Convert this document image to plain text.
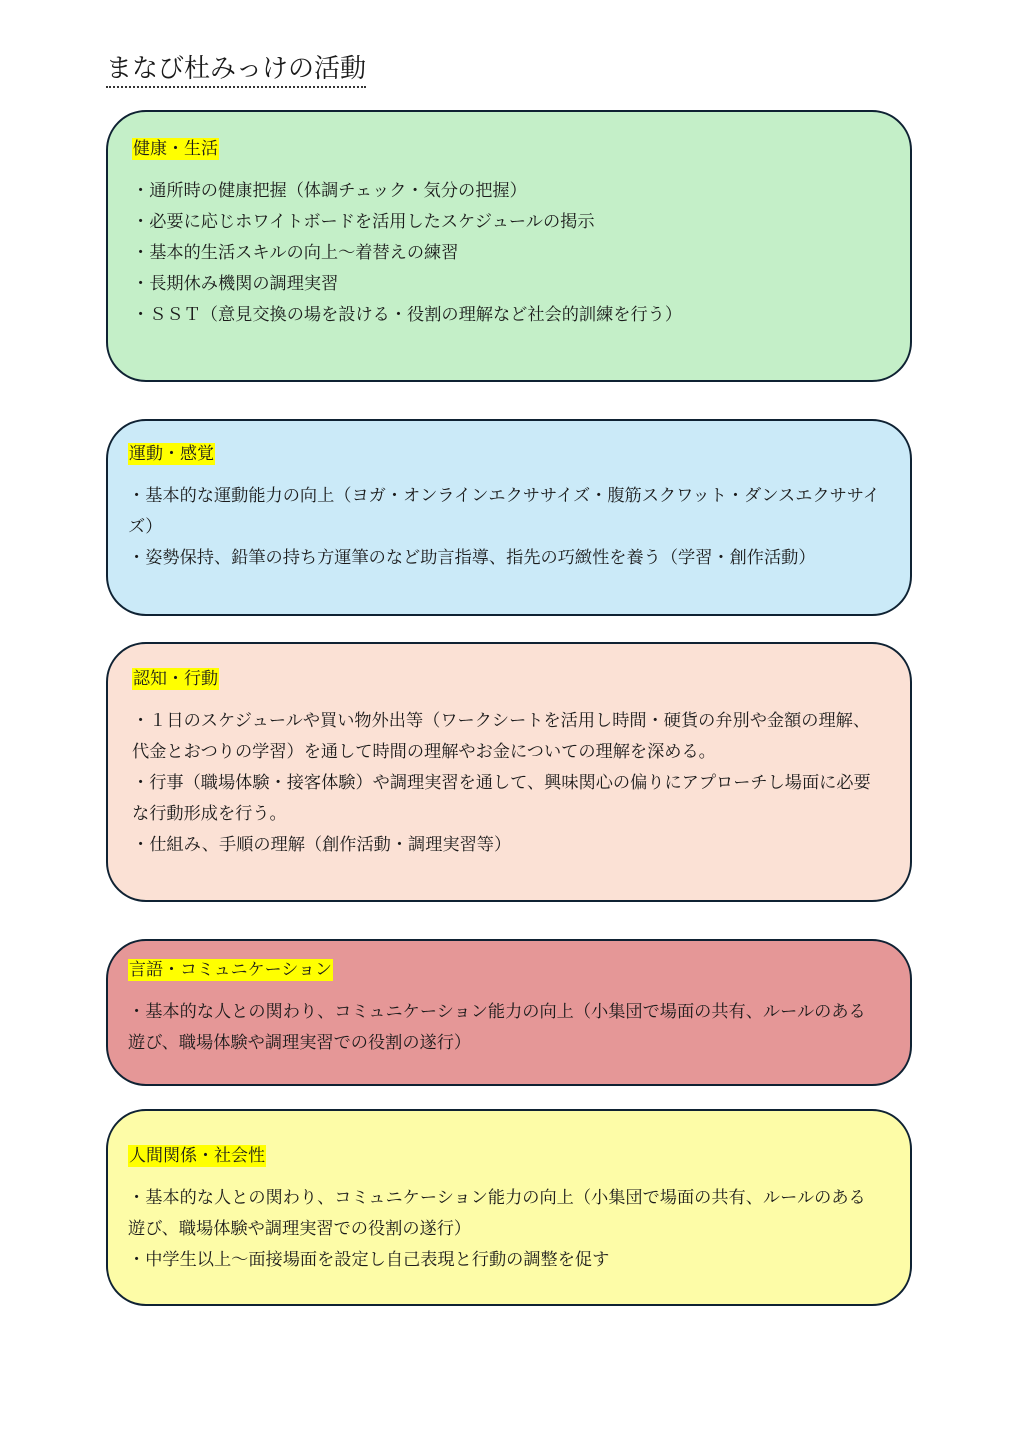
まなび杜みっけの活動
健康・生活
・通所時の健康把握（体調チェック・気分の把握）
・必要に応じホワイトボードを活用したスケジュールの掲示
・基本的生活スキルの向上～着替えの練習
・長期休み機関の調理実習
・ＳＳＴ（意見交換の場を設ける・役割の理解など社会的訓練を行う）
運動・感覚
・基本的な運動能力の向上（ヨガ・オンラインエクササイズ・腹筋スクワット・ダンスエクササイズ）
・姿勢保持、鉛筆の持ち方運筆のなど助言指導、指先の巧緻性を養う（学習・創作活動）
認知・行動
・１日のスケジュールや買い物外出等（ワークシートを活用し時間・硬貨の弁別や金額の理解、代金とおつりの学習）を通して時間の理解やお金についての理解を深める。
・行事（職場体験・接客体験）や調理実習を通して、興味関心の偏りにアプローチし場面に必要な行動形成を行う。
・仕組み、手順の理解（創作活動・調理実習等）
言語・コミュニケーション
・基本的な人との関わり、コミュニケーション能力の向上（小集団で場面の共有、ルールのある遊び、職場体験や調理実習での役割の遂行）
人間関係・社会性
・基本的な人との関わり、コミュニケーション能力の向上（小集団で場面の共有、ルールのある遊び、職場体験や調理実習での役割の遂行）
・中学生以上～面接場面を設定し自己表現と行動の調整を促す
